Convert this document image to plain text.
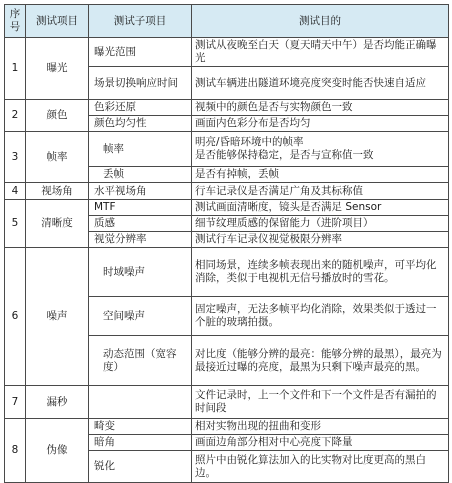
序号	测试项目	测试子项目	测试目的
1	曝光	曝光范围	测试从夜晚至白天（夏天晴天中午）是否均能正确曝光
		场景切换响应时间	测试车辆进出隧道环境亮度突变时能否快速自适应
2	颜色	色彩还原	视频中的颜色是否与实物颜色一致
		颜色均匀性	画面内色彩分布是否均匀
3	帧率	帧率	明亮/昏暗环境中的帧率
是否能够保持稳定，是否与宣称值一致
		丢帧	是否有掉帧，丢帧
4	视场角	水平视场角	行车记录仪是否满足广角及其标称值
5	清晰度	MTF	测试画面清晰度，镜头是否满足 Sensor
		质感	细节纹理质感的保留能力（进阶项目）
		视觉分辨率	测试行车记录仪视觉极限分辨率
6	噪声	时域噪声	相同场景，连续多帧表现出来的随机噪声，可平均化消除，类似于电视机无信号播放时的雪花。
		空间噪声	固定噪声，无法多帧平均化消除，效果类似于透过一个脏的玻璃拍摄。
		动态范围（宽容度）	对比度（能够分辨的最亮：能够分辨的最黑），最亮为最接近过曝的亮度，最黑为只剩下噪声最亮的黑。
7	漏秒		文件记录时，上一个文件和下一个文件是否有漏拍的时间段
8	伪像	畸变	相对实物出现的扭曲和变形
		暗角	画面边角部分相对中心亮度下降量
		锐化	照片中由锐化算法加入的比实物对比度更高的黑白边。
